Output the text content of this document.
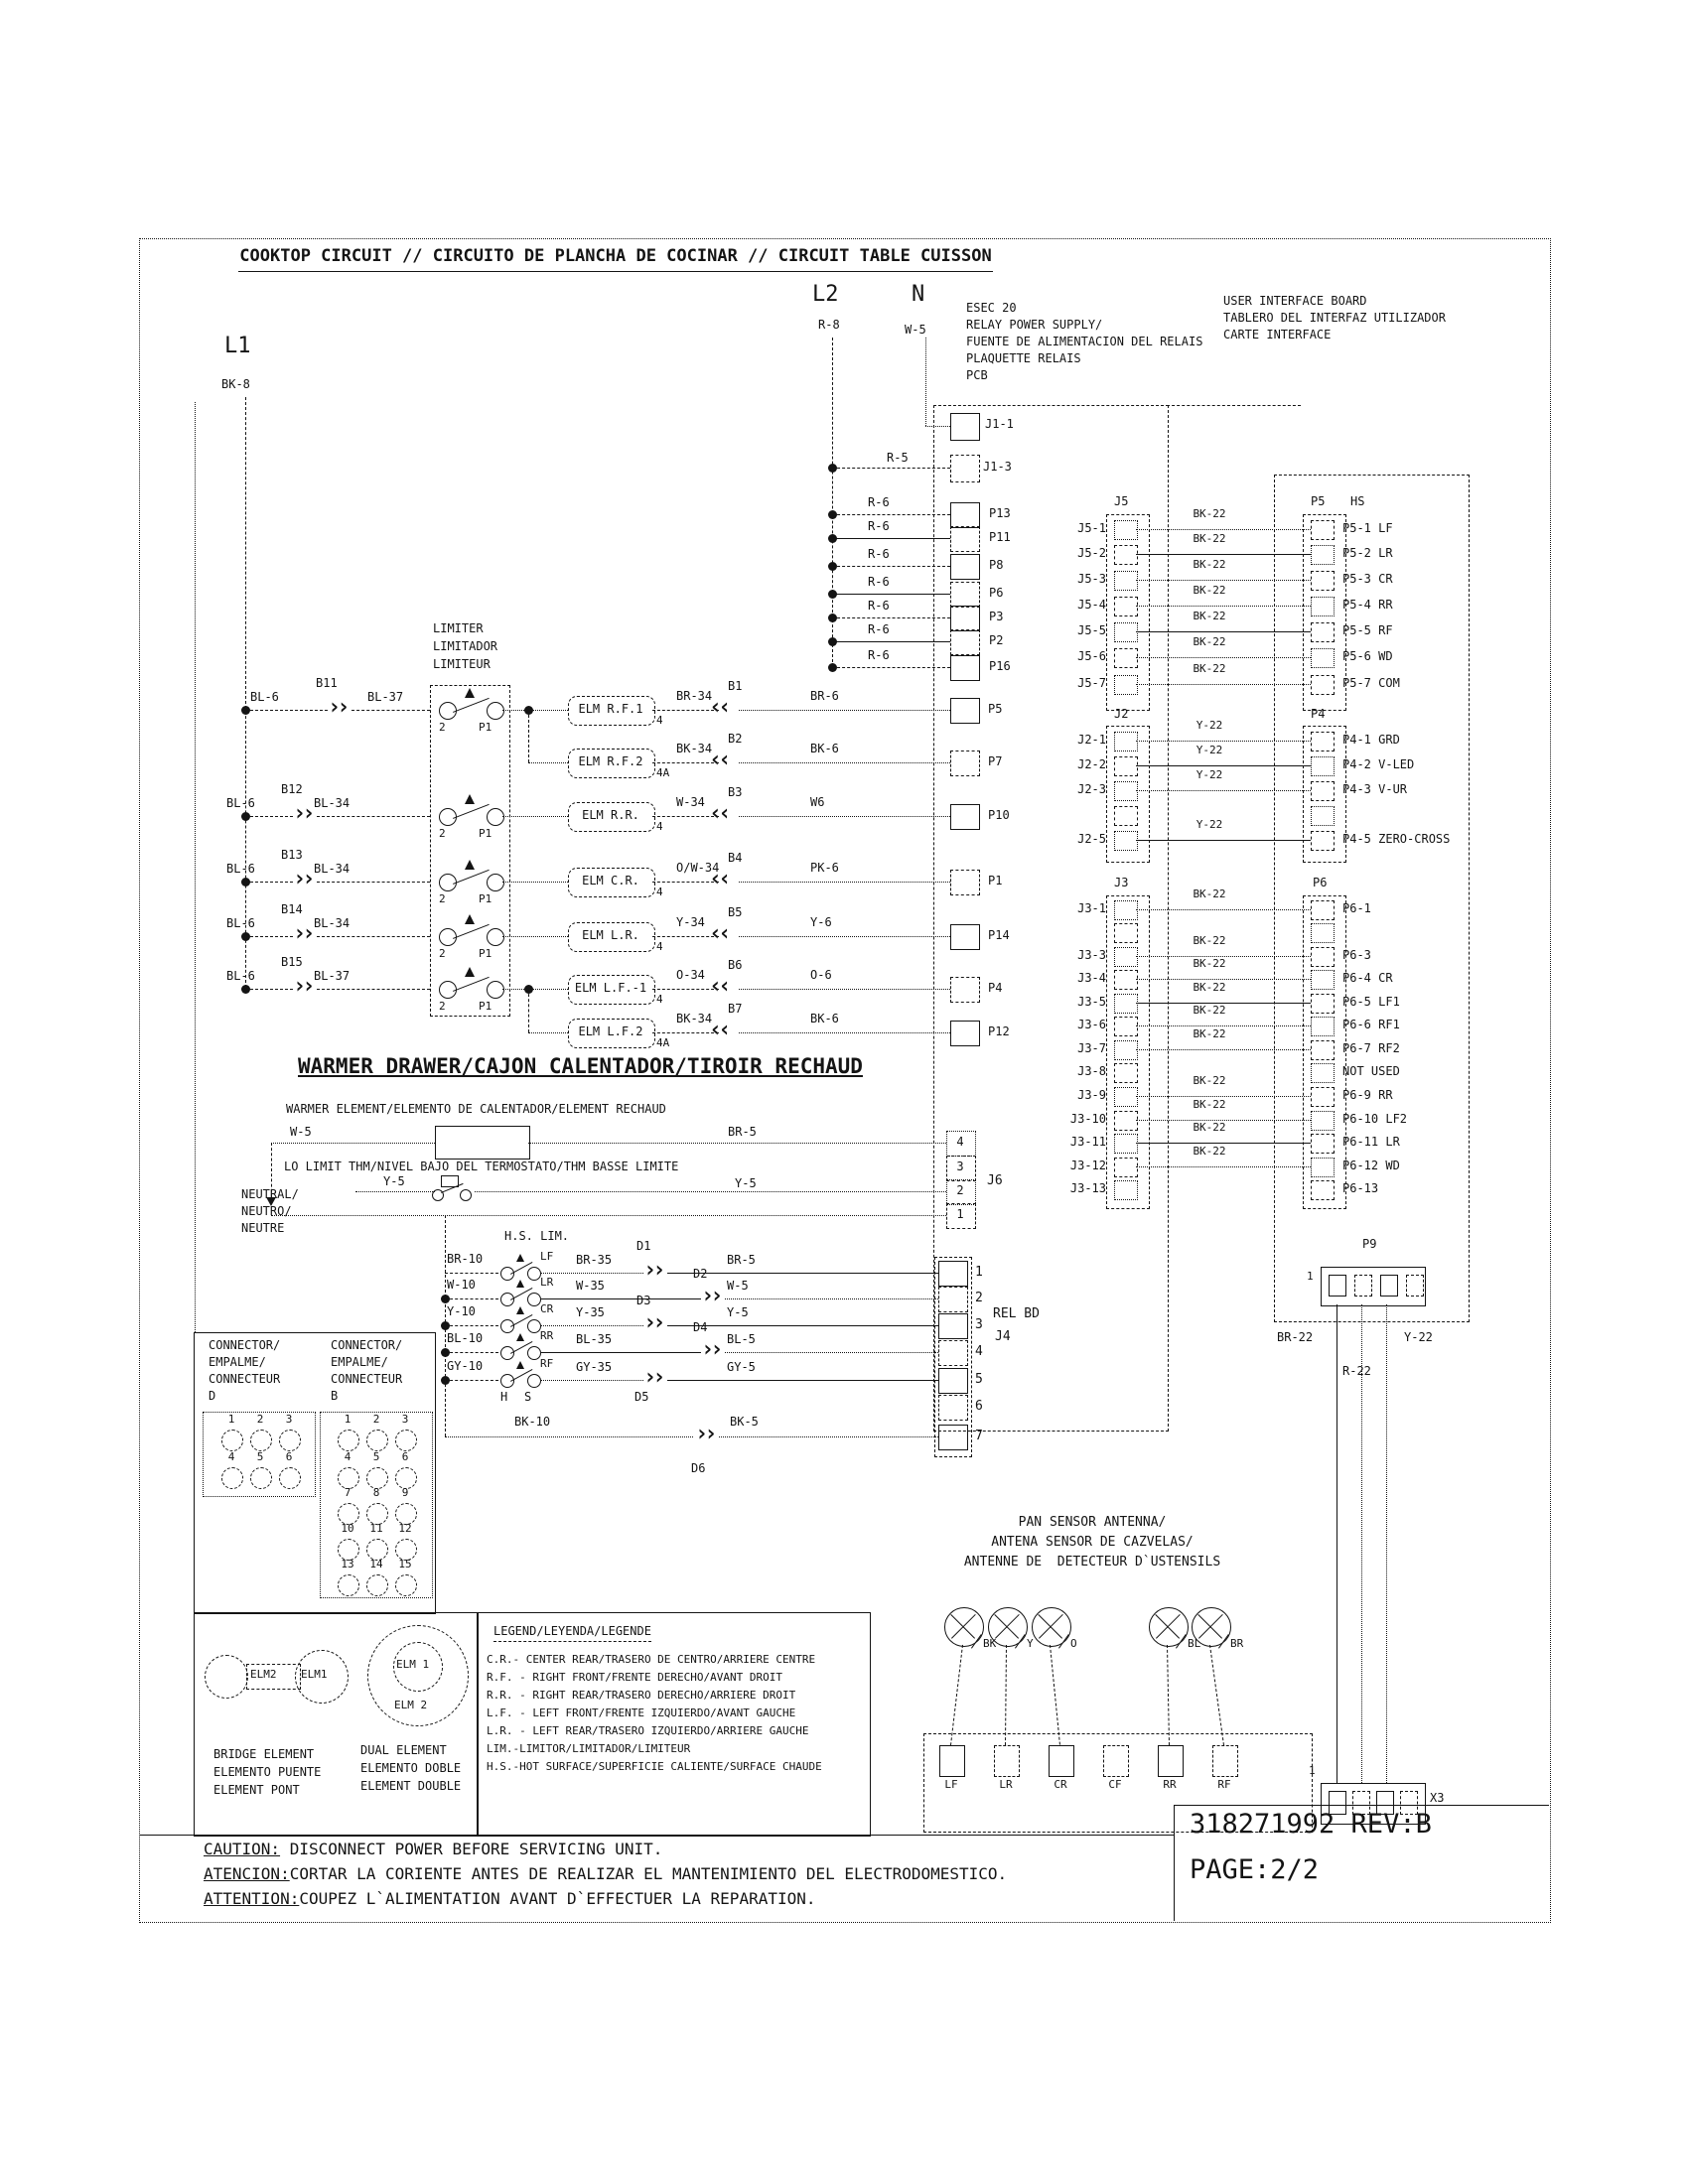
COOKTOP CIRCUIT // CIRCUITO DE PLANCHA DE COCINAR // CIRCUIT TABLE CUISSON
318271992 REV:B
PAGE:2/2
CAUTION: DISCONNECT POWER BEFORE SERVICING UNIT.
ATENCION:CORTAR LA CORIENTE ANTES DE REALIZAR EL MANTENIMIENTO DEL ELECTRODOMESTICO.
ATTENTION:COUPEZ L`ALIMENTATION AVANT D`EFFECTUER LA REPARATION.
L1
BK-8
L2
R-8
N
W-5
ESEC 20
RELAY POWER SUPPLY/
FUENTE DE ALIMENTACION DEL RELAIS
PLAQUETTE RELAIS
PCB
USER INTERFACE BOARD
TABLERO DEL INTERFAZ UTILIZADOR
CARTE INTERFACE
J1-1
J1-3
R-5
R-6
P13
R-6
P11
R-6
P8
R-6
P6
R-6
P3
R-6
P2
R-6
P16
J5	P5 HS
J5-1	P5-1 LF
BK-22
J5-2	P5-2 LR
BK-22
J5-3	P5-3 CR
BK-22
J5-4	P5-4 RR
BK-22
J5-5	P5-5 RF
BK-22
J5-6	P5-6 WD
BK-22
J5-7	P5-7 COM
BK-22
J2	P4
J2-1	P4-1 GRD
Y-22
J2-2	P4-2 V-LED
Y-22
J2-3	P4-3 V-UR
Y-22
J2-5	P4-5 ZERO-CROSS
Y-22
J3	P6
J3-1	P6-1
BK-22
J3-3	P6-3
BK-22
J3-4	P6-4 CR
BK-22
J3-5	P6-5 LF1
BK-22
J3-6	P6-6 RF1
BK-22
J3-7	P6-7 RF2
BK-22
J3-8	NOT USED
J3-9	P6-9 RR
BK-22
J3-10	P6-10 LF2
BK-22
J3-11	P6-11 LR
BK-22
J3-12	P6-12 WD
BK-22
J3-13	P6-13
P9
1
BR-22
R-22
Y-22
1
X3
PAN SENSOR ANTENNA/
ANTENA SENSOR DE CAZVELAS/
ANTENNE DE  DETECTEUR D`USTENSILS
BK	Y	O	BL	BR
LF	LR	CR	CF	RR	RF
LIMITER
LIMITADOR
LIMITEUR
ELM R.F.1
4
BR-34
B1
‹‹
BR-6
P5
››
BL-6
B11
BL-37
2	P1
ELM R.F.2
4A
BK-34
B2
‹‹
BK-6
P7
ELM R.R.
4
W-34
B3
‹‹
W6
P10
››
BL-6
B12
BL-34
2	P1
ELM C.R.
4
O/W-34
B4
‹‹
PK-6
P1
››
BL-6
B13
BL-34
2	P1
ELM L.R.
4
Y-34
B5
‹‹
Y-6
P14
››
BL-6
B14
BL-34
2	P1
ELM L.F.-1
4
O-34
B6
‹‹
O-6
P4
››
BL-6
B15
BL-37
2	P1
ELM L.F.2
4A
BK-34
B7
‹‹
BK-6
P12
WARMER DRAWER/CAJON CALENTADOR/TIROIR RECHAUD
WARMER ELEMENT/ELEMENTO DE CALENTADOR/ELEMENT RECHAUD
W-5	BR-5
LO LIMIT THM/NIVEL BAJO DEL TERMOSTATO/THM BASSE LIMITE
Y-5	Y-5
NEUTRAL/
NEUTRO/
NEUTRE
J6
4
3
2
1
H.S. LIM.
LF
BR-10	BR-35
D1
››
BR-5
1
LR
W-10	W-35
D2
››
W-5
2
CR
Y-10	Y-35
D3
››
Y-5
3
RR
BL-10	BL-35
D4
››
BL-5
4
RF
GY-10	GY-35
D5
››
GY-5
5
H S
6
BK-10
››	BK-5
7
D6
REL BD
J4
CONNECTOR/
EMPALME/
CONNECTEUR
D
1	2	3
4	5	6
CONNECTOR/
EMPALME/
CONNECTEUR
B
1	2	3
4	5	6
7	8	9
10 11 12
13 14 15
ELM2 ELM1
BRIDGE ELEMENT
ELEMENTO PUENTE
ELEMENT PONT
ELM 1
ELM 2
DUAL ELEMENT
ELEMENTO DOBLE
ELEMENT DOUBLE
LEGEND/LEYENDA/LEGENDE
C.R.- CENTER REAR/TRASERO DE CENTRO/ARRIERE CENTRE
R.F. - RIGHT FRONT/FRENTE DERECHO/AVANT DROIT
R.R. - RIGHT REAR/TRASERO DERECHO/ARRIERE DROIT
L.F. - LEFT FRONT/FRENTE IZQUIERDO/AVANT GAUCHE
L.R. - LEFT REAR/TRASERO IZQUIERDO/ARRIERE GAUCHE
LIM.-LIMITOR/LIMITADOR/LIMITEUR
H.S.-HOT SURFACE/SUPERFICIE CALIENTE/SURFACE CHAUDE
